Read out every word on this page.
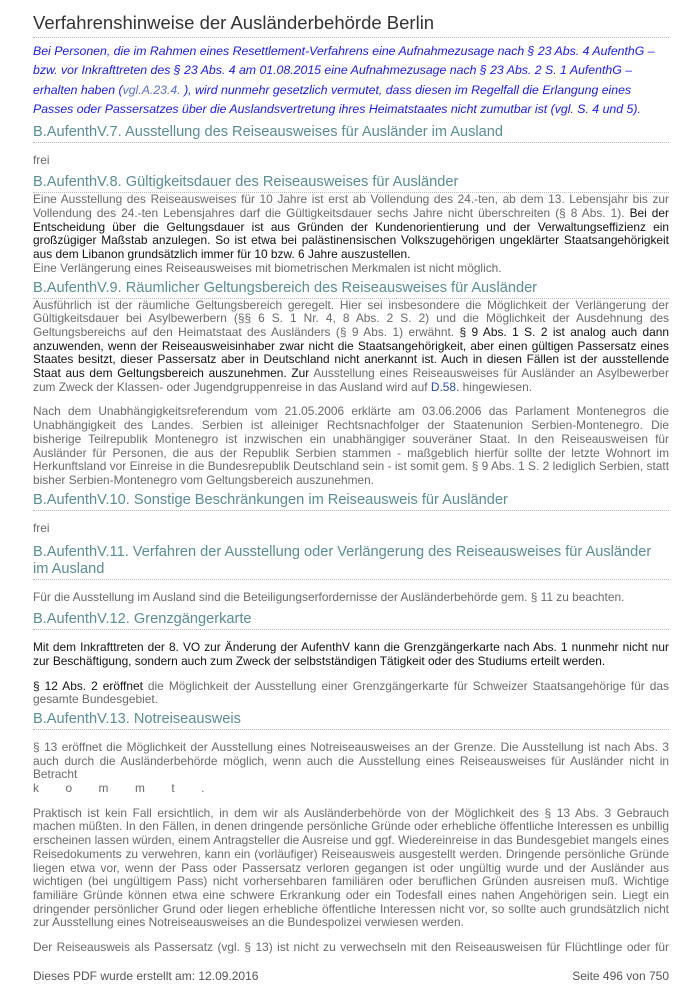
Verfahrenshinweise der Ausländerbehörde Berlin
Bei Personen, die im Rahmen eines Resettlement-Verfahrens eine Aufnahmezusage nach § 23 Abs. 4 AufenthG – bzw. vor Inkrafttreten des § 23 Abs. 4 am 01.08.2015 eine Aufnahmezusage nach § 23 Abs. 2 S. 1 AufenthG – erhalten haben (vgl.A.23.4. ), wird nunmehr gesetzlich vermutet, dass diesen im Regelfall die Erlangung eines Passes oder Passersatzes über die Auslandsvertretung ihres Heimatstaates nicht zumutbar ist (vgl. S. 4 und 5).
B.AufenthV.7. Ausstellung des Reiseausweises für Ausländer im Ausland
frei
B.AufenthV.8. Gültigkeitsdauer des Reiseausweises für Ausländer
Eine Ausstellung des Reiseausweises für 10 Jahre ist erst ab Vollendung des 24.-ten, ab dem 13. Lebensjahr bis zur Vollendung des 24.-ten Lebensjahres darf die Gültigkeitsdauer sechs Jahre nicht überschreiten (§ 8 Abs. 1). Bei der Entscheidung über die Geltungsdauer ist aus Gründen der Kundenorientierung und der Verwaltungseffizienz ein großzügiger Maßstab anzulegen. So ist etwa bei palästinensischen Volkszugehörigen ungeklärter Staatsangehörigkeit aus dem Libanon grundsätzlich immer für 10 bzw. 6 Jahre auszustellen.
Eine Verlängerung eines Reiseausweises mit biometrischen Merkmalen ist nicht möglich.
B.AufenthV.9. Räumlicher Geltungsbereich des Reiseausweises für Ausländer
Ausführlich ist der räumliche Geltungsbereich geregelt. Hier sei insbesondere die Möglichkeit der Verlängerung der Gültigkeitsdauer bei Asylbewerbern (§§ 6 S. 1 Nr. 4, 8 Abs. 2 S. 2) und die Möglichkeit der Ausdehnung des Geltungsbereichs auf den Heimatstaat des Ausländers (§ 9 Abs. 1) erwähnt. § 9 Abs. 1 S. 2 ist analog auch dann anzuwenden, wenn der Reiseausweisinhaber zwar nicht die Staatsangehörigkeit, aber einen gültigen Passersatz eines Staates besitzt, dieser Passersatz aber in Deutschland nicht anerkannt ist. Auch in diesen Fällen ist der ausstellende Staat aus dem Geltungsbereich auszunehmen. Zur Ausstellung eines Reiseausweises für Ausländer an Asylbewerber zum Zweck der Klassen- oder Jugendgruppenreise in das Ausland wird auf D.58. hingewiesen.
Nach dem Unabhängigkeitsreferendum vom 21.05.2006 erklärte am 03.06.2006 das Parlament Montenegros die Unabhängigkeit des Landes. Serbien ist alleiniger Rechtsnachfolger der Staatenunion Serbien-Montenegro. Die bisherige Teilrepublik Montenegro ist inzwischen ein unabhängiger souveräner Staat. In den Reiseausweisen für Ausländer für Personen, die aus der Republik Serbien stammen - maßgeblich hierfür sollte der letzte Wohnort im Herkunftsland vor Einreise in die Bundesrepublik Deutschland sein - ist somit gem. § 9 Abs. 1 S. 2 lediglich Serbien, statt bisher Serbien-Montenegro vom Geltungsbereich auszunehmen.
B.AufenthV.10. Sonstige Beschränkungen im Reiseausweis für Ausländer
frei
B.AufenthV.11. Verfahren der Ausstellung oder Verlängerung des Reiseausweises für Ausländer im Ausland
Für die Ausstellung im Ausland sind die Beteiligungserfordernisse der Ausländerbehörde gem. § 11 zu beachten.
B.AufenthV.12. Grenzgängerkarte
Mit dem Inkrafttreten der 8. VO zur Änderung der AufenthV kann die Grenzgängerkarte nach Abs. 1 nunmehr nicht nur zur Beschäftigung, sondern auch zum Zweck der selbstständigen Tätigkeit oder des Studiums erteilt werden.
§ 12 Abs. 2 eröffnet die Möglichkeit der Ausstellung einer Grenzgängerkarte für Schweizer Staatsangehörige für das gesamte Bundesgebiet.
B.AufenthV.13. Notreiseausweis
§ 13 eröffnet die Möglichkeit der Ausstellung eines Notreiseausweises an der Grenze. Die Ausstellung ist nach Abs. 3 auch durch die Ausländerbehörde möglich, wenn auch die Ausstellung eines Reiseausweises für Ausländer nicht in Betracht
kommt.
Praktisch ist kein Fall ersichtlich, in dem wir als Ausländerbehörde von der Möglichkeit des § 13 Abs. 3 Gebrauch machen müßten. In den Fällen, in denen dringende persönliche Gründe oder erhebliche öffentliche Interessen es unbillig erscheinen lassen würden, einem Antragsteller die Ausreise und ggf. Wiedereinreise in das Bundesgebiet mangels eines Reisedokuments zu verwehren, kann ein (vorläufiger) Reiseausweis ausgestellt werden. Dringende persönliche Gründe liegen etwa vor, wenn der Pass oder Passersatz verloren gegangen ist oder ungültig wurde und der Ausländer aus wichtigen (bei ungültigem Pass) nicht vorhersehbaren familiären oder beruflichen Gründen ausreisen muß. Wichtige familiäre Gründe können etwa eine schwere Erkrankung oder ein Todesfall eines nahen Angehörigen sein. Liegt ein dringender persönlicher Grund oder liegen erhebliche öffentliche Interessen nicht vor, so sollte auch grundsätzlich nicht zur Ausstellung eines Notreiseausweises an die Bundespolizei verwiesen werden.
Der Reiseausweis als Passersatz (vgl. § 13) ist nicht zu verwechseln mit den Reiseausweisen für Flüchtlinge oder für
Dieses PDF wurde erstellt am: 12.09.2016	Seite 496 von 750
